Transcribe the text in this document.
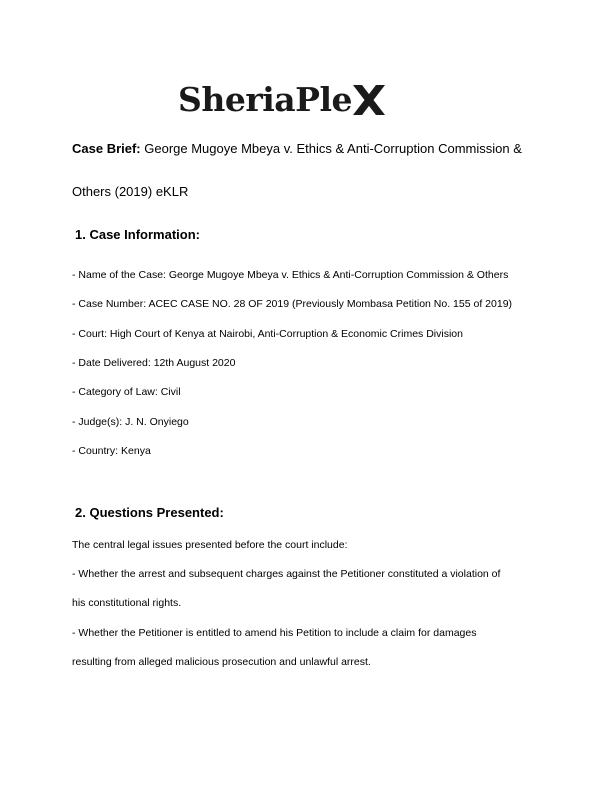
SheriaPle
Case Brief: George Mugoye Mbeya v. Ethics & Anti-Corruption Commission &
Others (2019) eKLR
1. Case Information:
- Name of the Case: George Mugoye Mbeya v. Ethics & Anti-Corruption Commission & Others
- Case Number: ACEC CASE NO. 28 OF 2019 (Previously Mombasa Petition No. 155 of 2019)
- Court: High Court of Kenya at Nairobi, Anti-Corruption & Economic Crimes Division
- Date Delivered: 12th August 2020
- Category of Law: Civil
- Judge(s): J. N. Onyiego
- Country: Kenya
2. Questions Presented:
The central legal issues presented before the court include:
- Whether the arrest and subsequent charges against the Petitioner constituted a violation of
his constitutional rights.
- Whether the Petitioner is entitled to amend his Petition to include a claim for damages
resulting from alleged malicious prosecution and unlawful arrest.
